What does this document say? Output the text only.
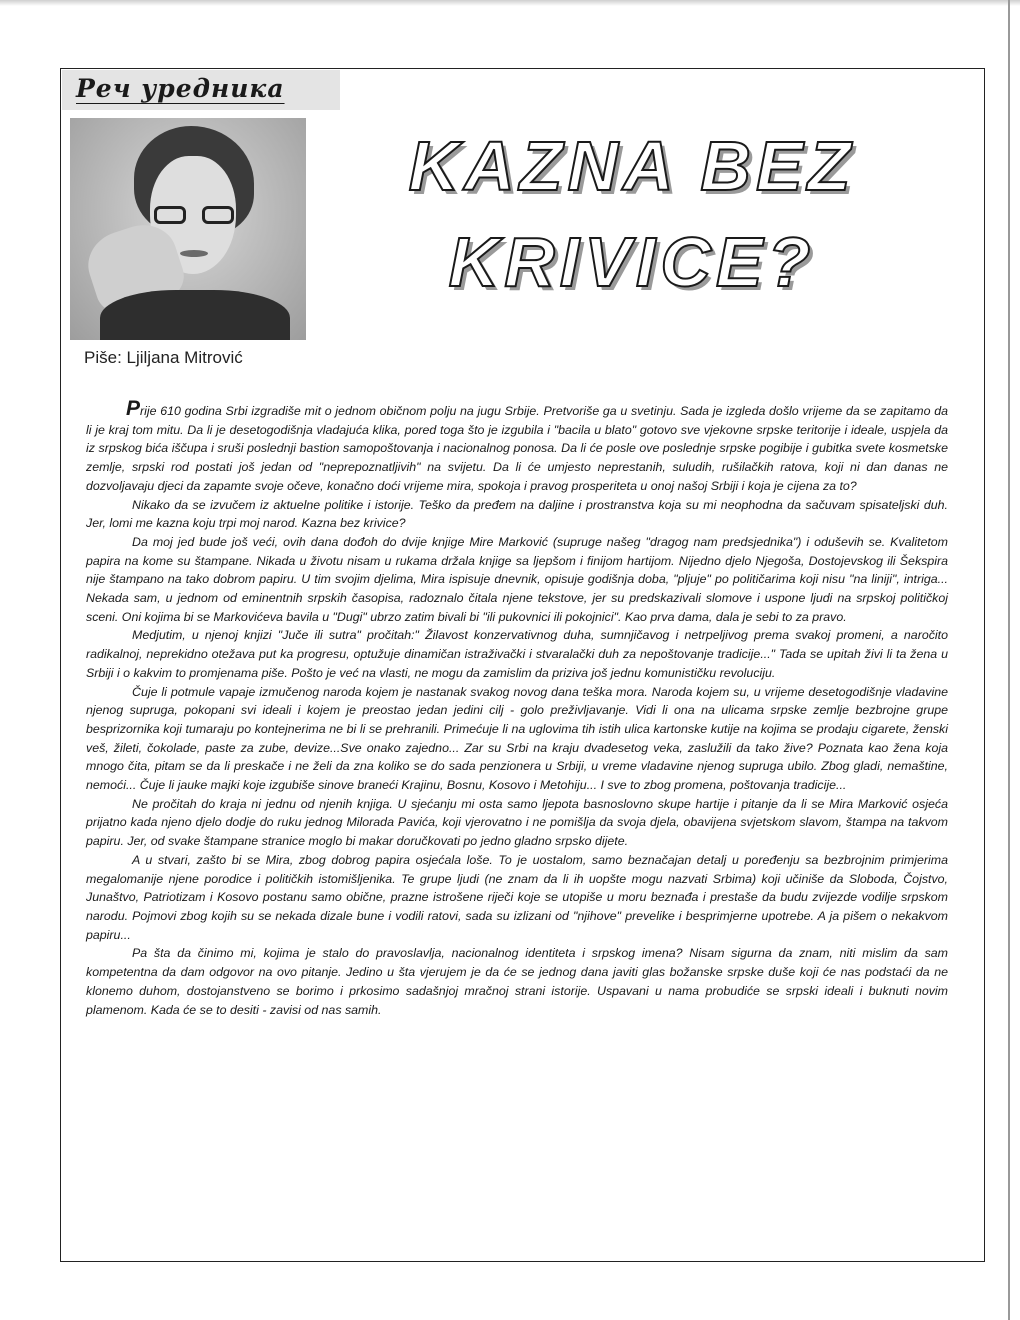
Реч уредника
Piše: Ljiljana Mitrović
KAZNA BEZ
KRIVICE?

Prije 610 godina Srbi izgradiše mit o jednom običnom polju na jugu Srbije. Pretvoriše ga u svetinju. Sada je izgleda došlo vrijeme da se zapitamo da li je kraj tom mitu. Da li je desetogodišnja vladajuća klika, pored toga što je izgubila i "bacila u blato" gotovo sve vjekovne srpske teritorije i ideale, uspjela da iz srpskog bića iščupa i sruši poslednji bastion samopoštovanja i nacionalnog ponosa. Da li će posle ove poslednje srpske pogibije i gubitka svete kosmetske zemlje, srpski rod postati još jedan od "neprepoznatljivih" na svijetu. Da li će umjesto neprestanih, suludih, rušilačkih ratova, koji ni dan danas ne dozvoljavaju djeci da zapamte svoje očeve, konačno doći vrijeme mira, spokoja i pravog prosperiteta u onoj našoj Srbiji i koja je cijena za to?

Nikako da se izvučem iz aktuelne politike i istorije. Teško da pređem na daljine i prostranstva koja su mi neophodna da sačuvam spisateljski duh. Jer, lomi me kazna koju trpi moj narod. Kazna bez krivice?

Da moj jed bude još veći, ovih dana dođoh do dvije knjige Mire Marković (supruge našeg "dragog nam predsjednika") i oduševih se. Kvalitetom papira na kome su štampane. Nikada u životu nisam u rukama držala knjige sa ljepšom i finijom hartijom. Nijedno djelo Njegoša, Dostojevskog ili Šekspira nije štampano na tako dobrom papiru. U tim svojim djelima, Mira ispisuje dnevnik, opisuje godišnja doba, "pljuje" po političarima koji nisu "na liniji", intriga... Nekada sam, u jednom od eminentnih srpskih časopisa, radoznalo čitala njene tekstove, jer su predskazivali slomove i uspone ljudi na srpskoj političkoj sceni. Oni kojima bi se Markovićeva bavila u "Dugi" ubrzo zatim bivali bi "ili pukovnici ili pokojnici". Kao prva dama, dala je sebi to za pravo.

Medjutim, u njenoj knjizi "Juče ili sutra" pročitah:" Žilavost konzervativnog duha, sumnjičavog i netrpeljivog prema svakoj promeni, a naročito radikalnoj, neprekidno otežava put ka progresu, optužuje dinamičan istraživački i stvaralački duh za nepoštovanje tradicije..." Tada se upitah živi li ta žena u Srbiji i o kakvim to promjenama piše. Pošto je već na vlasti, ne mogu da zamislim da priziva još jednu komunističku revoluciju.

Čuje li potmule vapaje izmučenog naroda kojem je nastanak svakog novog dana teška mora. Naroda kojem su, u vrijeme desetogodišnje vladavine njenog supruga, pokopani svi ideali i kojem je preostao jedan jedini cilj - golo preživljavanje. Vidi li ona na ulicama srpske zemlje bezbrojne grupe besprizornika koji tumaraju po kontejnerima ne bi li se prehranili. Primećuje li na uglovima tih istih ulica kartonske kutije na kojima se prodaju cigarete, ženski veš, žileti, čokolade, paste za zube, devize...Sve onako zajedno... Zar su Srbi na kraju dvadesetog veka, zaslužili da tako žive? Poznata kao žena koja mnogo čita, pitam se da li preskače i ne želi da zna koliko se do sada penzionera u Srbiji, u vreme vladavine njenog supruga ubilo. Zbog gladi, nemaštine, nemoći... Čuje li jauke majki koje izgubiše sinove braneći Krajinu, Bosnu, Kosovo i Metohiju... I sve to zbog promena, poštovanja tradicije...

Ne pročitah do kraja ni jednu od njenih knjiga. U sjećanju mi osta samo ljepota basnoslovno skupe hartije i pitanje da li se Mira Marković osjeća prijatno kada njeno djelo dodje do ruku jednog Milorada Pavića, koji vjerovatno i ne pomišlja da svoja djela, obavijena svjetskom slavom, štampa na takvom papiru. Jer, od svake štampane stranice moglo bi makar doručkovati po jedno gladno srpsko dijete.

A u stvari, zašto bi se Mira, zbog dobrog papira osjećala loše. To je uostalom, samo beznačajan detalj u poređenju sa bezbrojnim primjerima megalomanije njene porodice i političkih istomišljenika. Te grupe ljudi (ne znam da li ih uopšte mogu nazvati Srbima) koji učiniše da Sloboda, Čojstvo, Junaštvo, Patriotizam i Kosovo postanu samo obične, prazne istrošene riječi koje se utopiše u moru beznađa i prestaše da budu zvijezde vodilje srpskom narodu. Pojmovi zbog kojih su se nekada dizale bune i vodili ratovi, sada su izlizani od "njihove" prevelike i besprimjerne upotrebe. A ja pišem o nekakvom papiru...

Pa šta da činimo mi, kojima je stalo do pravoslavlja, nacionalnog identiteta i srpskog imena? Nisam sigurna da znam, niti mislim da sam kompetentna da dam odgovor na ovo pitanje. Jedino u šta vjerujem je da će se jednog dana javiti glas božanske srpske duše koji će nas podstaći da ne klonemo duhom, dostojanstveno se borimo i prkosimo sadašnjoj mračnoj strani istorije. Uspavani u nama probudiće se srpski ideali i buknuti novim plamenom. Kada će se to desiti - zavisi od nas samih.
